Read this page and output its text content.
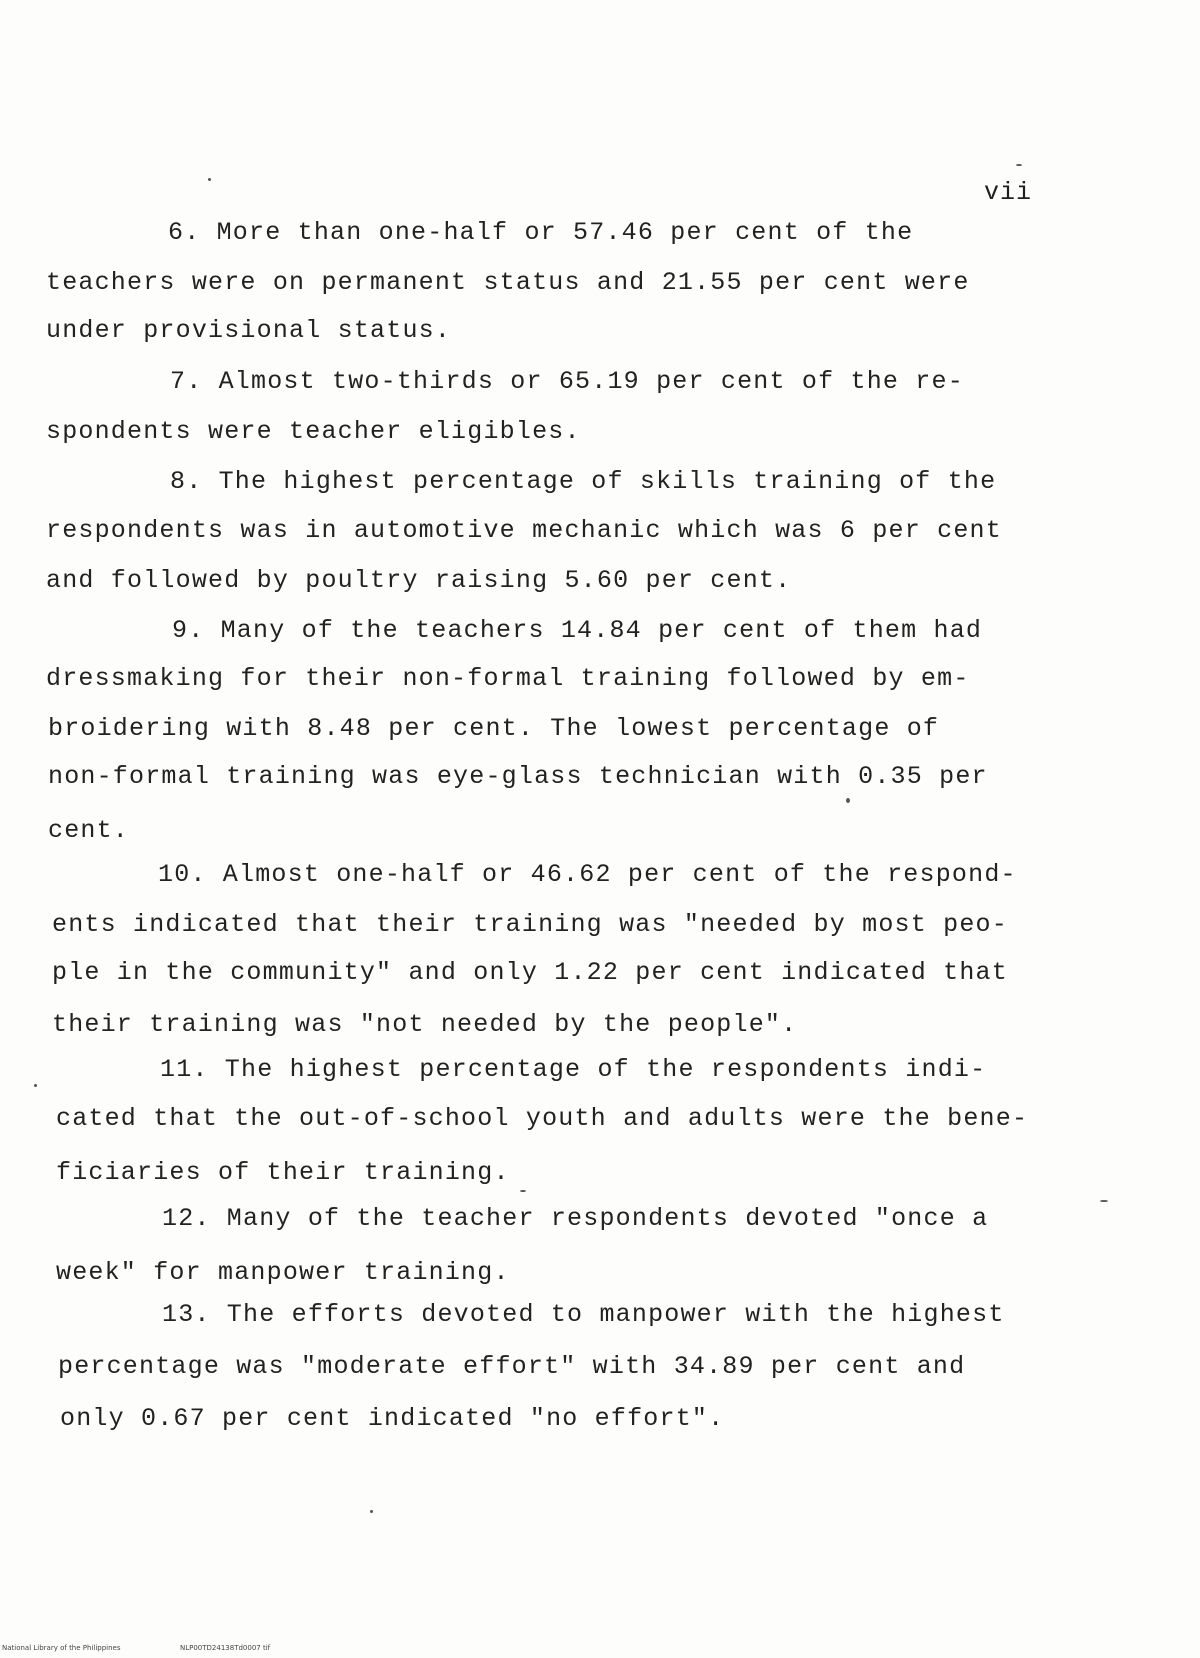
vii
6. More than one-half or 57.46 per cent of the
teachers were on permanent status and 21.55 per cent were
under provisional status.
7. Almost two-thirds or 65.19 per cent of the re-
spondents were teacher eligibles.
8. The highest percentage of skills training of the
respondents was in automotive mechanic which was 6 per cent
and followed by poultry raising 5.60 per cent.
9. Many of the teachers 14.84 per cent of them had
dressmaking for their non-formal training followed by em-
broidering with 8.48 per cent. The lowest percentage of
non-formal training was eye-glass technician with 0.35 per
cent.
10. Almost one-half or 46.62 per cent of the respond-
ents indicated that their training was "needed by most peo-
ple in the community" and only 1.22 per cent indicated that
their training was "not needed by the people".
11. The highest percentage of the respondents indi-
cated that the out-of-school youth and adults were the bene-
ficiaries of their training.
12. Many of the teacher respondents devoted "once a
week" for manpower training.
13. The efforts devoted to manpower with the highest
percentage was "moderate effort" with 34.89 per cent and
only 0.67 per cent indicated "no effort".
National Library of the Philippines	NLP00TD24138Td0007 tif
